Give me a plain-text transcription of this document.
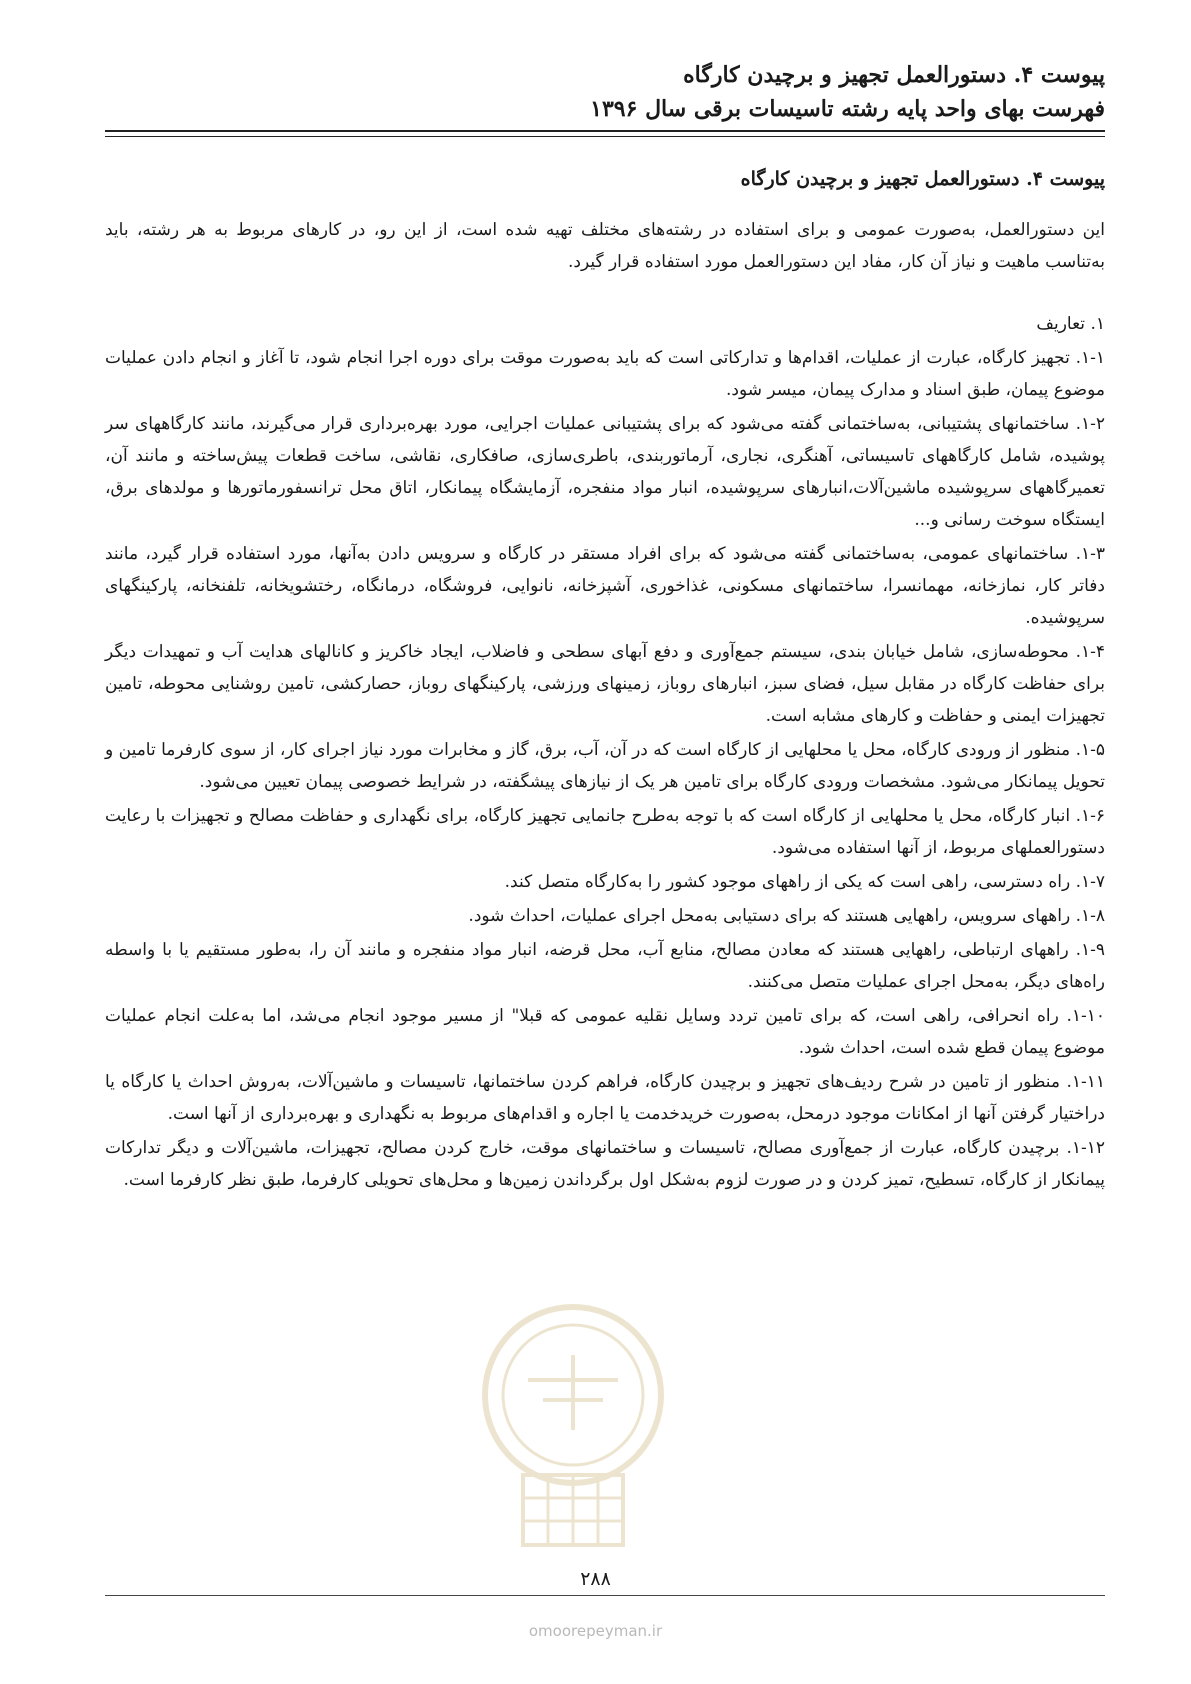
پیوست ۴. دستورالعمل تجهیز و برچیدن کارگاه
فهرست بهای واحد پایه رشته تاسیسات برقی سال ۱۳۹۶
پیوست ۴. دستورالعمل تجهیز و برچیدن کارگاه

این دستورالعمل، به‌صورت عمومی و برای استفاده در رشته‌های مختلف تهیه شده است، از این رو، در کارهای مربوط به هر رشته، باید به‌تناسب ماهیت و نیاز آن کار، مفاد این دستورالعمل مورد استفاده قرار گیرد.

۱. تعاریف

۱-۱. تجهیز کارگاه، عبارت از عملیات، اقدام‌ها و تدارکاتی است که باید به‌صورت موقت برای دوره اجرا انجام شود، تا آغاز و انجام دادن عملیات موضوع پیمان، طبق اسناد و مدارک پیمان، میسر شود.

۱-۲. ساختمانهای پشتیبانی، به‌ساختمانی گفته می‌شود که برای پشتیبانی عملیات اجرایی، مورد بهره‌برداری قرار می‌گیرند، مانند کارگاههای سر پوشیده، شامل کارگاههای تاسیساتی، آهنگری، نجاری، آرماتوربندی، باطری‌سازی، صافکاری، نقاشی، ساخت قطعات پیش‌ساخته و مانند آن، تعمیرگاههای سرپوشیده ماشین‌آلات،انبارهای سرپوشیده، انبار مواد منفجره، آزمایشگاه پیمانکار، اتاق محل ترانسفورماتورها و مولدهای برق، ایستگاه سوخت رسانی و...

۱-۳. ساختمانهای عمومی، به‌ساختمانی گفته می‌شود که برای افراد مستقر در کارگاه و سرویس دادن به‌آنها، مورد استفاده قرار گیرد، مانند دفاتر کار، نمازخانه، مهمانسرا، ساختمانهای مسکونی، غذاخوری، آشپزخانه، نانوایی، فروشگاه، درمانگاه، رختشویخانه، تلفنخانه، پارکینگهای سرپوشیده.

۱-۴. محوطه‌سازی، شامل خیابان بندی، سیستم جمع‌آوری و دفع آبهای سطحی و فاضلاب، ایجاد خاکریز و کانالهای هدایت آب و تمهیدات دیگر برای حفاظت کارگاه در مقابل سیل، فضای سبز، انبارهای روباز، زمینهای ورزشی، پارکینگهای روباز، حصارکشی، تامین روشنایی محوطه، تامین تجهیزات ایمنی و حفاظت و کارهای مشابه است.

۱-۵. منظور از ورودی کارگاه، محل یا محلهایی از کارگاه است که در آن، آب، برق، گاز و مخابرات مورد نیاز اجرای کار، از سوی کارفرما تامین و تحویل پیمانکار می‌شود. مشخصات ورودی کارگاه برای تامین هر یک از نیازهای پیشگفته، در شرایط خصوصی پیمان تعیین می‌شود.

۱-۶. انبار کارگاه، محل یا محلهایی از کارگاه است که با توجه به‌طرح جانمایی تجهیز کارگاه، برای نگهداری و حفاظت مصالح و تجهیزات با رعایت دستورالعملهای مربوط، از آنها استفاده می‌شود.

۱-۷. راه دسترسی، راهی است که یکی از راههای موجود کشور را به‌کارگاه متصل کند.

۱-۸. راههای سرویس، راههایی هستند که برای دستیابی به‌محل اجرای عملیات، احداث شود.

۱-۹. راههای ارتباطی، راههایی هستند که معادن مصالح، منابع آب، محل قرضه، انبار مواد منفجره و مانند آن را، به‌طور مستقیم یا با واسطه راه‌های دیگر، به‌محل اجرای عملیات متصل می‌کنند.

۱-۱۰. راه انحرافی، راهی است، که برای تامین تردد وسایل نقلیه عمومی که قبلا" از مسیر موجود انجام می‌شد، اما به‌علت انجام عملیات موضوع پیمان قطع شده است، احداث شود.

۱-۱۱. منظور از تامین در شرح ردیف‌های تجهیز و برچیدن کارگاه، فراهم کردن ساختمانها، تاسیسات و ماشین‌آلات، به‌روش احداث یا کارگاه یا دراختیار گرفتن آنها از امکانات موجود درمحل، به‌صورت خریدخدمت یا اجاره و اقدام‌های مربوط به نگهداری و بهره‌برداری از آنها است.

۱-۱۲. برچیدن کارگاه، عبارت از جمع‌آوری مصالح، تاسیسات و ساختمانهای موقت، خارج کردن مصالح، تجهیزات، ماشین‌آلات و دیگر تدارکات پیمانکار از کارگاه، تسطیح، تمیز کردن و در صورت لزوم به‌شکل اول برگرداندن زمین‌ها و محل‌های تحویلی کارفرما، طبق نظر کارفرما است.

۲۸۸
omoorepeyman.ir
